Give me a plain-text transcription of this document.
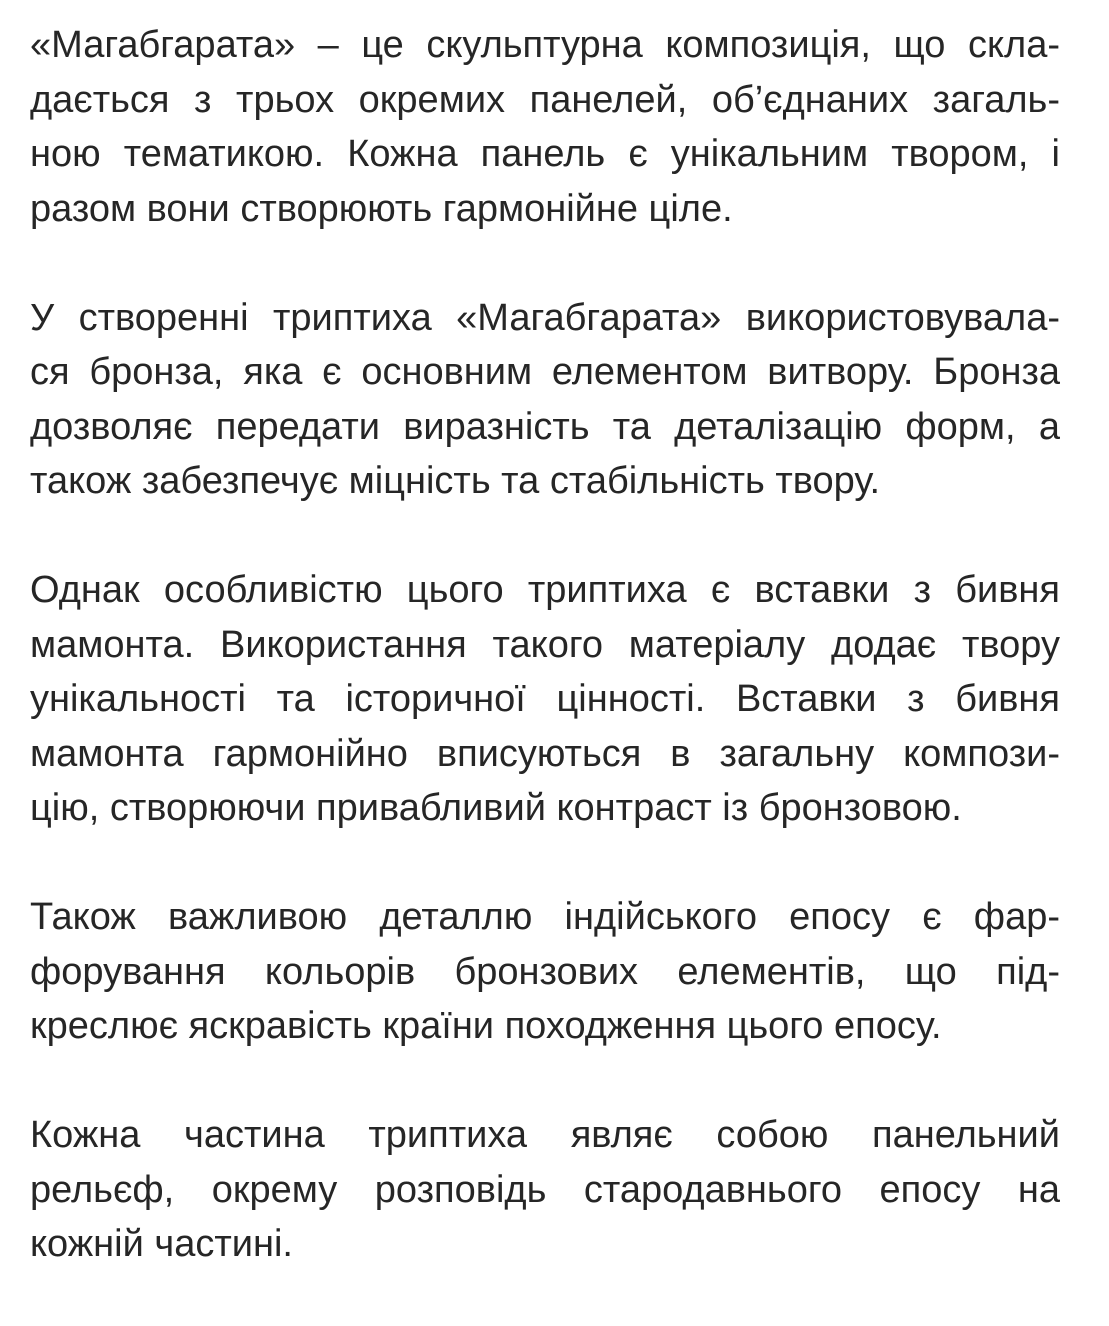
«Магабгарата» – це скульптурна композиція, що скла-
дається з трьох окремих панелей, об’єднаних загаль-
ною тематикою. Кожна панель є унікальним твором, і
разом вони створюють гармонійне ціле.

У створенні триптиха «Магабгарата» використовувала-
ся бронза, яка є основним елементом витвору. Бронза
дозволяє передати виразність та деталізацію форм, а
також забезпечує міцність та стабільність твору.

Однак особливістю цього триптиха є вставки з бивня
мамонта. Використання такого матеріалу додає твору
унікальності та історичної цінності. Вставки з бивня
мамонта гармонійно вписуються в загальну компози-
цію, створюючи привабливий контраст із бронзовою.

Також важливою деталлю індійського епосу є фар-
форування кольорів бронзових елементів, що під-
креслює яскравість країни походження цього епосу.

Кожна частина триптиха являє собою панельний
рельєф, окрему розповідь стародавнього епосу на
кожній частині.
